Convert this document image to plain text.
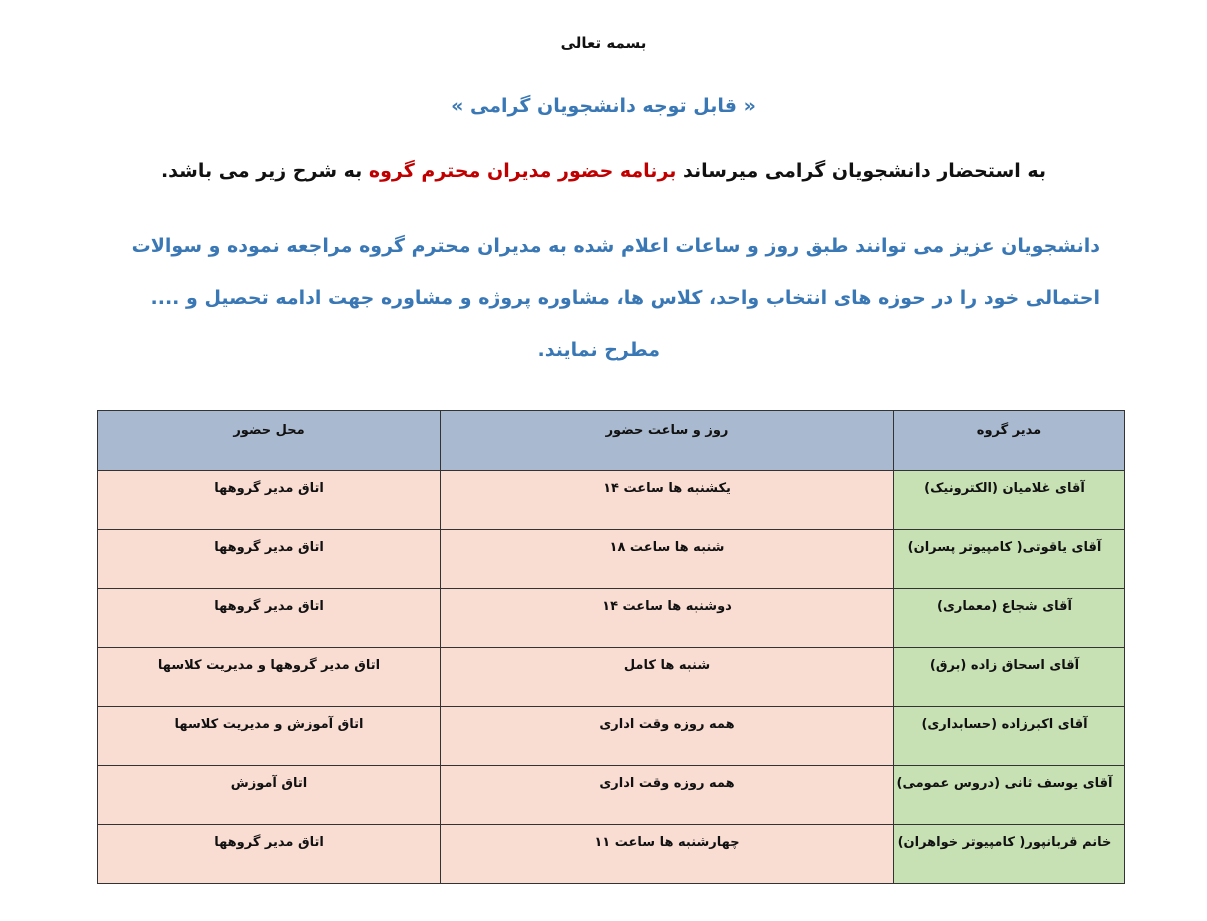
بسمه تعالی
« قابل توجه دانشجویان گرامی »
به استحضار دانشجویان گرامی میرساند برنامه حضور مدیران محترم گروه به شرح زیر می باشد.
دانشجویان عزیز می توانند طبق روز و ساعات اعلام شده به مدیران محترم گروه مراجعه نموده و سوالات
احتمالی خود را در حوزه های انتخاب واحد، کلاس ها، مشاوره پروژه و مشاوره جهت ادامه تحصیل و ....
مطرح نمایند.
مدیر گروه	روز و ساعت حضور	محل حضور
آقای غلامیان (الکترونیک)	یکشنبه ها ساعت ۱۴	اتاق مدیر گروهها
آقای یاقوتی( کامپیوتر پسران)	شنبه ها ساعت ۱۸	اتاق مدیر گروهها
آقای شجاع (معماری)	دوشنبه ها ساعت ۱۴	اتاق مدیر گروهها
آقای اسحاق زاده (برق)	شنبه ها کامل	اتاق مدیر گروهها و مدیریت کلاسها
آقای اکبرزاده (حسابداری)	همه روزه وقت اداری	اتاق آموزش و مدیریت کلاسها
آقای یوسف ثانی (دروس عمومی)	همه روزه وقت اداری	اتاق آموزش
خانم قربانپور( کامپیوتر خواهران)	چهارشنبه ها ساعت ۱۱	اتاق مدیر گروهها
